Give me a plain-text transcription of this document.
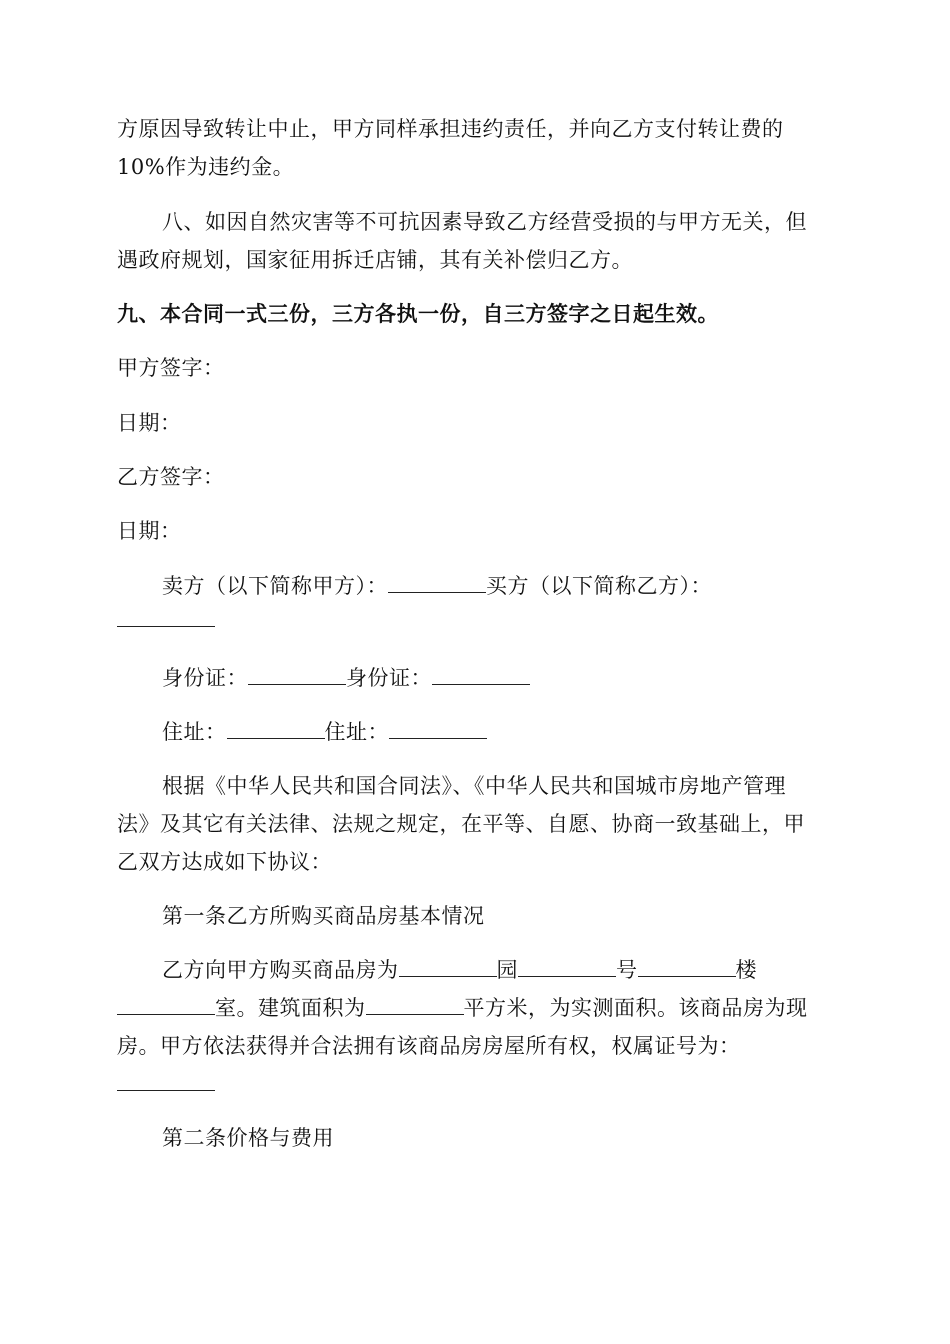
方原因导致转让中止，甲方同样承担违约责任，并向乙方支付转让费的
10%作为违约金。
八、如因自然灾害等不可抗因素导致乙方经营受损的与甲方无关，但
遇政府规划，国家征用拆迁店铺，其有关补偿归乙方。
九、本合同一式三份，三方各执一份，自三方签字之日起生效。
甲方签字：
日期：
乙方签字：
日期：
卖方（以下简称甲方）：	买方（以下简称乙方）：
身份证：	身份证：
住址：	住址：
根据《中华人民共和国合同法》、《中华人民共和国城市房地产管理
法》及其它有关法律、法规之规定，在平等、自愿、协商一致基础上，甲
乙双方达成如下协议：
第一条乙方所购买商品房基本情况
乙方向甲方购买商品房为	园	号	楼
室。建筑面积为	平方米，为实测面积。该商品房为现
房。甲方依法获得并合法拥有该商品房房屋所有权，权属证号为：
第二条价格与费用
